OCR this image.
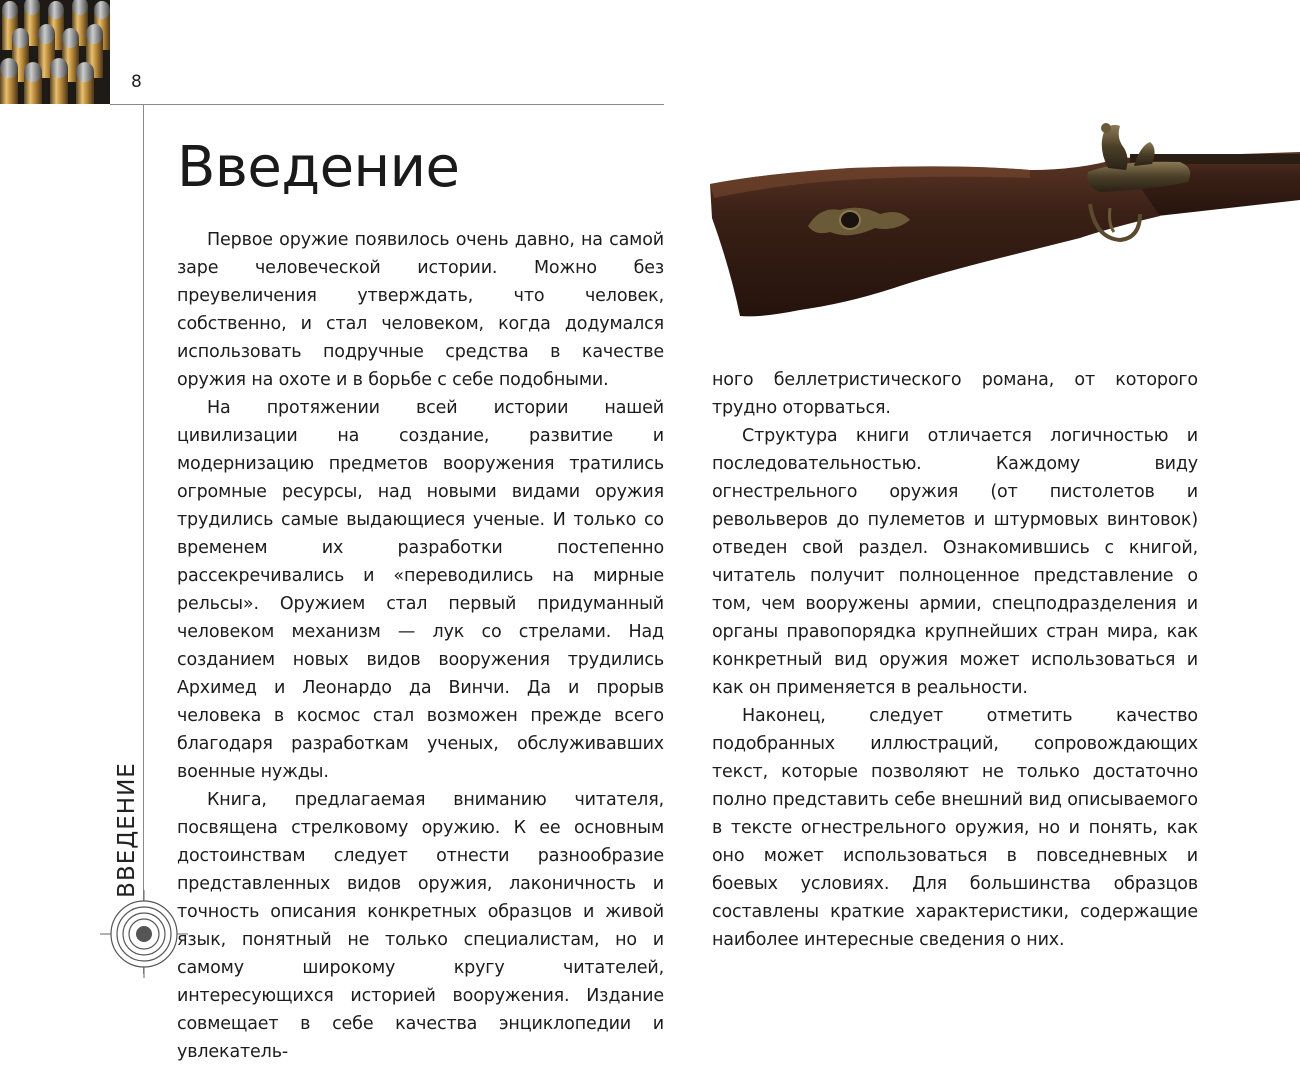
8
ВВЕДЕНИЕ
Введение

Первое оружие появилось очень давно, на самой заре человеческой истории. Можно без преувеличения утверждать, что человек, собственно, и стал человеком, когда додумался использовать подручные средства в качестве оружия на охоте и в борьбе с себе подобными.

На протяжении всей истории нашей цивилизации на создание, развитие и модернизацию предметов вооружения тратились огромные ресурсы, над новыми видами оружия трудились самые выдающиеся ученые. И только со временем их разработки постепенно рассекречивались и «переводились на мирные рельсы». Оружием стал первый придуманный человеком механизм — лук со стрелами. Над созданием новых видов вооружения трудились Архимед и Леонардо да Винчи. Да и прорыв человека в космос стал возможен прежде всего благодаря разработкам ученых, обслуживавших военные нужды.

Книга, предлагаемая вниманию читателя, посвящена стрелковому оружию. К ее основным достоинствам следует отнести разнообразие представленных видов оружия, лаконичность и точность описания конкретных образцов и живой язык, понятный не только специалистам, но и самому широкому кругу читателей, интересующихся историей вооружения. Издание совмещает в себе качества энциклопедии и увлекатель-

ного беллетристического романа, от которого трудно оторваться.

Структура книги отличается логичностью и последовательностью. Каждому виду огнестрельного оружия (от пистолетов и револьверов до пулеметов и штурмовых винтовок) отведен свой раздел. Ознакомившись с книгой, читатель получит полноценное представление о том, чем вооружены армии, спецподразделения и органы правопорядка крупнейших стран мира, как конкретный вид оружия может использоваться и как он применяется в реальности.

Наконец, следует отметить качество подобранных иллюстраций, сопровождающих текст, которые позволяют не только достаточно полно представить себе внешний вид описываемого в тексте огнестрельного оружия, но и понять, как оно может использоваться в повседневных и боевых условиях. Для большинства образцов составлены краткие характеристики, содержащие наиболее интересные сведения о них.
